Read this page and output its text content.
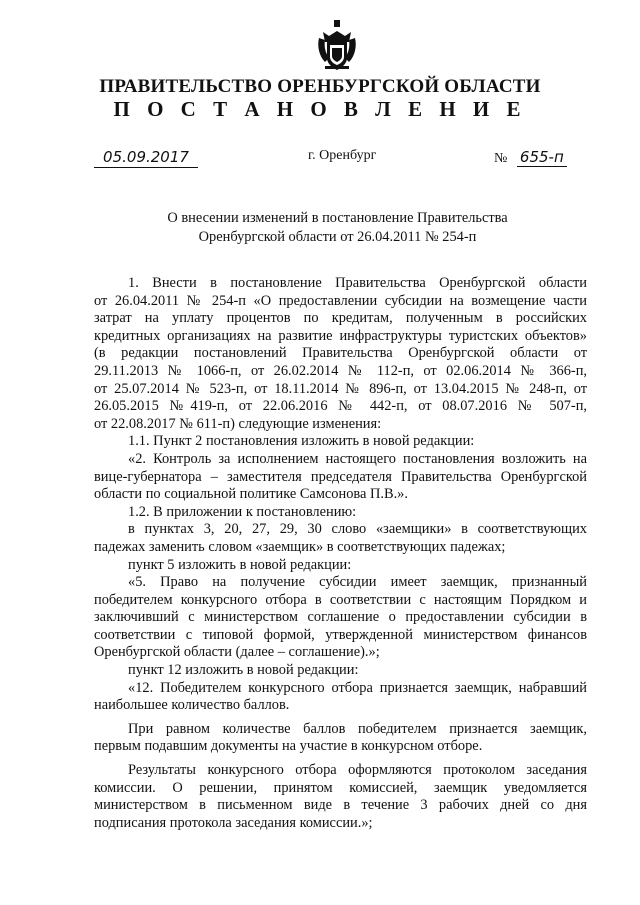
ПРАВИТЕЛЬСТВО ОРЕНБУРГСКОЙ ОБЛАСТИ
П О С Т А Н О В Л Е Н И Е
05.09.2017	г. Оренбург	№ 655-п
О внесении изменений в постановление Правительства
Оренбургской области от 26.04.2011 № 254-п
1. Внести в постановление Правительства Оренбургской области
от 26.04.2011 № 254-п «О предоставлении субсидии на возмещение части
затрат на уплату процентов по кредитам, полученным в российских
кредитных организациях на развитие инфраструктуры туристских объектов»
(в редакции постановлений Правительства Оренбургской области от
29.11.2013 № 1066-п, от 26.02.2014 № 112-п, от 02.06.2014 № 366-п,
от 25.07.2014 № 523-п, от 18.11.2014 № 896-п, от 13.04.2015 № 248-п, от
26.05.2015 №419-п, от 22.06.2016 № 442-п, от 08.07.2016 № 507-п,
от 22.08.2017 № 611-п) следующие изменения:
1.1. Пункт 2 постановления изложить в новой редакции:
«2. Контроль за исполнением настоящего постановления возложить на
вице-губернатора – заместителя председателя Правительства Оренбургской
области по социальной политике Самсонова П.В.».
1.2. В приложении к постановлению:
в пунктах 3, 20, 27, 29, 30 слово «заемщики» в соответствующих
падежах заменить словом «заемщик» в соответствующих падежах;
пункт 5 изложить в новой редакции:
«5. Право на получение субсидии имеет заемщик, признанный
победителем конкурсного отбора в соответствии с настоящим Порядком и
заключивший с министерством соглашение о предоставлении субсидии в
соответствии с типовой формой, утвержденной министерством финансов
Оренбургской области (далее – соглашение).»;
пункт 12 изложить в новой редакции:
«12. Победителем конкурсного отбора признается заемщик, набравший
наибольшее количество баллов.
При равном количестве баллов победителем признается заемщик,
первым подавшим документы на участие в конкурсном отборе.
Результаты конкурсного отбора оформляются протоколом заседания
комиссии. О решении, принятом комиссией, заемщик уведомляется
министерством в письменном виде в течение 3 рабочих дней со дня
подписания протокола заседания комиссии.»;
